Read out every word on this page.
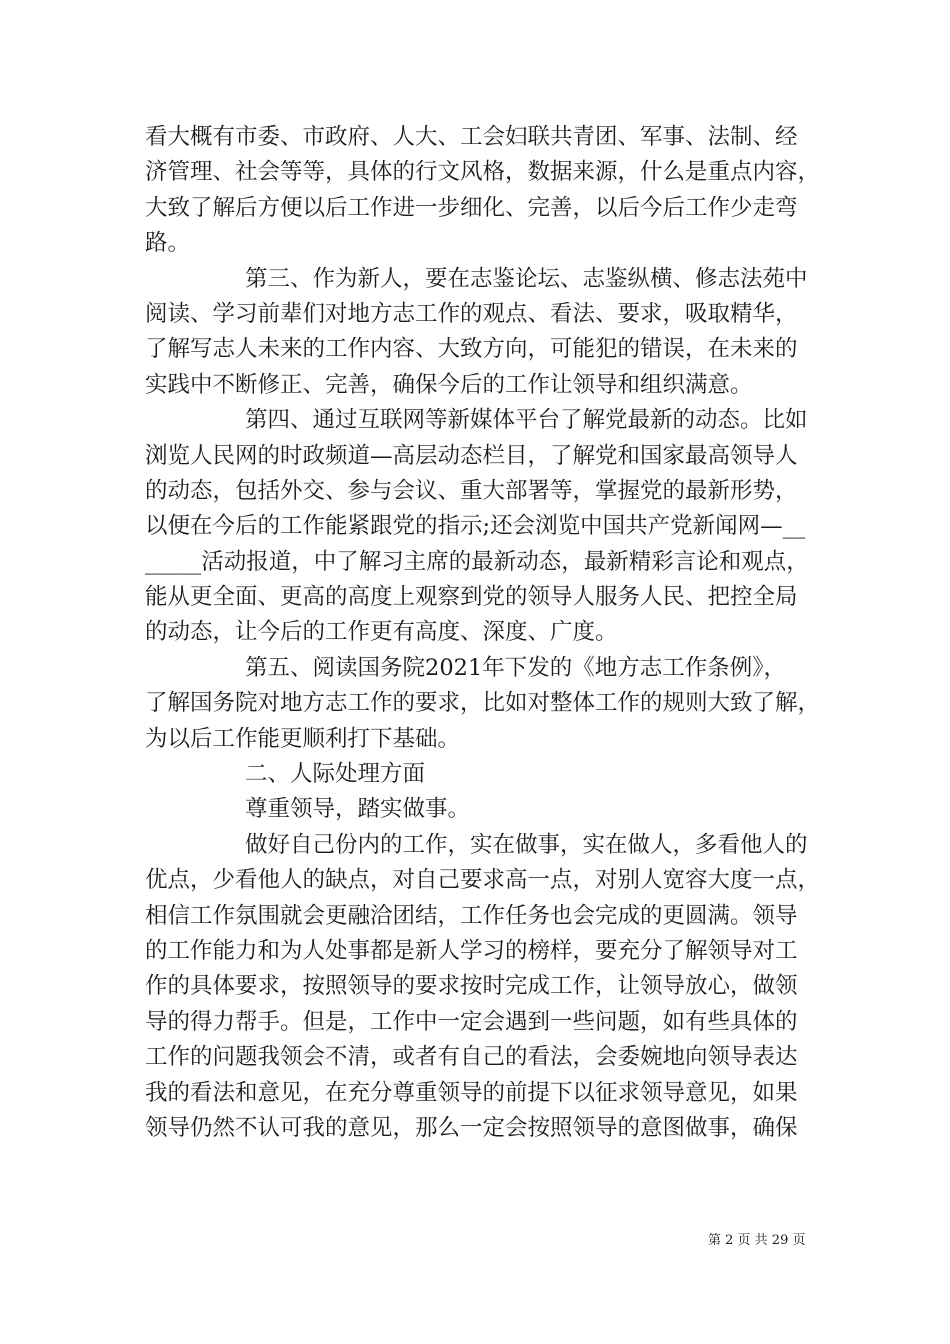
看大概有市委、市政府、人大、工会妇联共青团、军事、法制、经
济管理、社会等等，具体的行文风格，数据来源，什么是重点内容，
大致了解后方便以后工作进一步细化、完善，以后今后工作少走弯
路。
第三、作为新人，要在志鉴论坛、志鉴纵横、修志法苑中
阅读、学习前辈们对地方志工作的观点、看法、要求，吸取精华，
了解写志人未来的工作内容、大致方向，可能犯的错误，在未来的
实践中不断修正、完善，确保今后的工作让领导和组织满意。
第四、通过互联网等新媒体平台了解党最新的动态。比如
浏览人民网的时政频道—高层动态栏目，了解党和国家最高领导人
的动态，包括外交、参与会议、重大部署等，掌握党的最新形势，
以便在今后的工作能紧跟党的指示;还会浏览中国共产党新闻网—__
_____活动报道，中了解习主席的最新动态，最新精彩言论和观点，
能从更全面、更高的高度上观察到党的领导人服务人民、把控全局
的动态，让今后的工作更有高度、深度、广度。
第五、阅读国务院2021年下发的《地方志工作条例》，
了解国务院对地方志工作的要求，比如对整体工作的规则大致了解，
为以后工作能更顺利打下基础。
二、人际处理方面
尊重领导，踏实做事。
做好自己份内的工作，实在做事，实在做人，多看他人的
优点，少看他人的缺点，对自己要求高一点，对别人宽容大度一点，
相信工作氛围就会更融洽团结，工作任务也会完成的更圆满。领导
的工作能力和为人处事都是新人学习的榜样，要充分了解领导对工
作的具体要求，按照领导的要求按时完成工作，让领导放心，做领
导的得力帮手。但是，工作中一定会遇到一些问题，如有些具体的
工作的问题我领会不清，或者有自己的看法，会委婉地向领导表达
我的看法和意见，在充分尊重领导的前提下以征求领导意见，如果
领导仍然不认可我的意见，那么一定会按照领导的意图做事，确保
第 2 页 共 29 页
